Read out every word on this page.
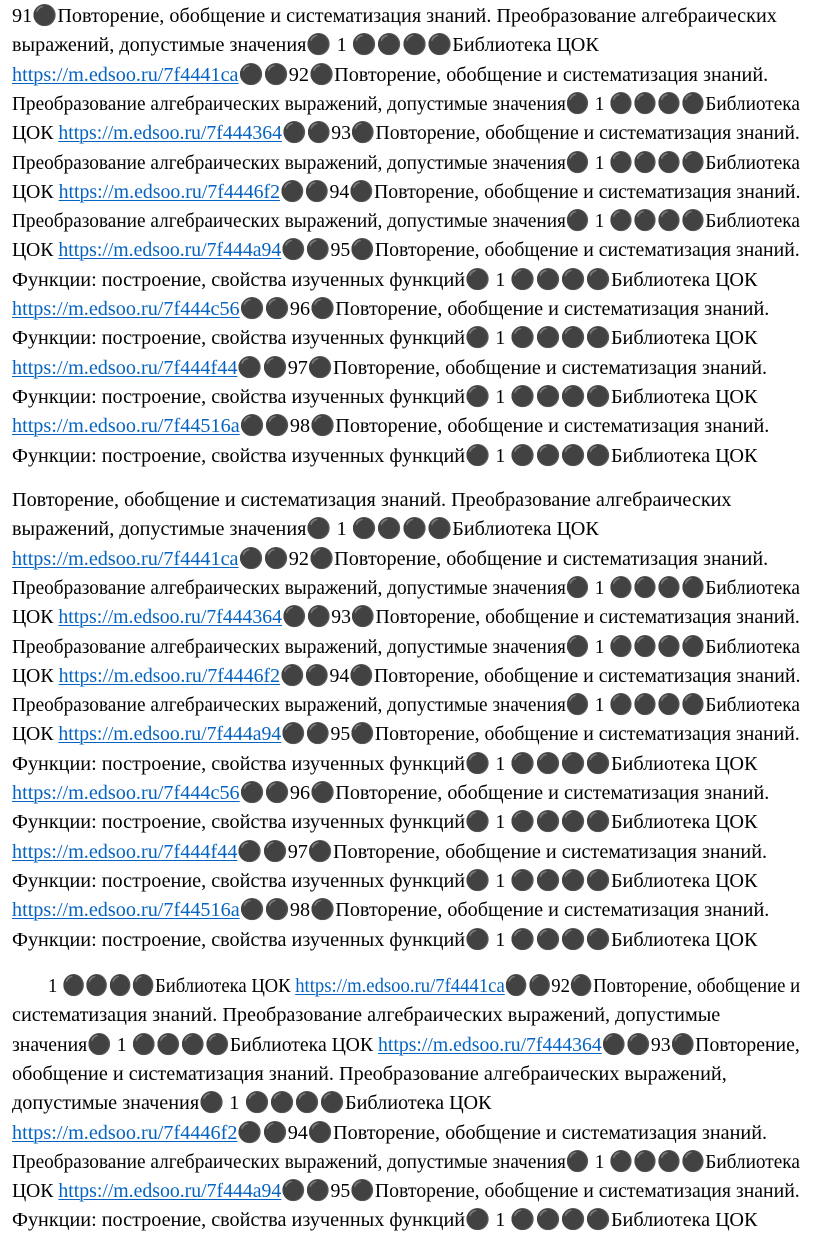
91⚫Повторение, обобщение и систематизация знаний. Преобразование алгебраических
выражений, допустимые значения⚫ 1 ⚫⚫⚫⚫Библиотека ЦОК
https://m.edsoo.ru/7f4441ca⚫⚫92⚫Повторение, обобщение и систематизация знаний.
Преобразование алгебраических выражений, допустимые значения⚫ 1 ⚫⚫⚫⚫Библиотека
ЦОК https://m.edsoo.ru/7f444364⚫⚫93⚫Повторение, обобщение и систематизация знаний.
Преобразование алгебраических выражений, допустимые значения⚫ 1 ⚫⚫⚫⚫Библиотека
ЦОК https://m.edsoo.ru/7f4446f2⚫⚫94⚫Повторение, обобщение и систематизация знаний.
Преобразование алгебраических выражений, допустимые значения⚫ 1 ⚫⚫⚫⚫Библиотека
ЦОК https://m.edsoo.ru/7f444a94⚫⚫95⚫Повторение, обобщение и систематизация знаний.
Функции: построение, свойства изученных функций⚫ 1 ⚫⚫⚫⚫Библиотека ЦОК
https://m.edsoo.ru/7f444c56⚫⚫96⚫Повторение, обобщение и систематизация знаний.
Функции: построение, свойства изученных функций⚫ 1 ⚫⚫⚫⚫Библиотека ЦОК
https://m.edsoo.ru/7f444f44⚫⚫97⚫Повторение, обобщение и систематизация знаний.
Функции: построение, свойства изученных функций⚫ 1 ⚫⚫⚫⚫Библиотека ЦОК
https://m.edsoo.ru/7f44516a⚫⚫98⚫Повторение, обобщение и систематизация знаний.
Функции: построение, свойства изученных функций⚫ 1 ⚫⚫⚫⚫Библиотека ЦОК
Повторение, обобщение и систематизация знаний. Преобразование алгебраических
выражений, допустимые значения⚫ 1 ⚫⚫⚫⚫Библиотека ЦОК
https://m.edsoo.ru/7f4441ca⚫⚫92⚫Повторение, обобщение и систематизация знаний.
Преобразование алгебраических выражений, допустимые значения⚫ 1 ⚫⚫⚫⚫Библиотека
ЦОК https://m.edsoo.ru/7f444364⚫⚫93⚫Повторение, обобщение и систематизация знаний.
Преобразование алгебраических выражений, допустимые значения⚫ 1 ⚫⚫⚫⚫Библиотека
ЦОК https://m.edsoo.ru/7f4446f2⚫⚫94⚫Повторение, обобщение и систематизация знаний.
Преобразование алгебраических выражений, допустимые значения⚫ 1 ⚫⚫⚫⚫Библиотека
ЦОК https://m.edsoo.ru/7f444a94⚫⚫95⚫Повторение, обобщение и систематизация знаний.
Функции: построение, свойства изученных функций⚫ 1 ⚫⚫⚫⚫Библиотека ЦОК
https://m.edsoo.ru/7f444c56⚫⚫96⚫Повторение, обобщение и систематизация знаний.
Функции: построение, свойства изученных функций⚫ 1 ⚫⚫⚫⚫Библиотека ЦОК
https://m.edsoo.ru/7f444f44⚫⚫97⚫Повторение, обобщение и систематизация знаний.
Функции: построение, свойства изученных функций⚫ 1 ⚫⚫⚫⚫Библиотека ЦОК
https://m.edsoo.ru/7f44516a⚫⚫98⚫Повторение, обобщение и систематизация знаний.
Функции: построение, свойства изученных функций⚫ 1 ⚫⚫⚫⚫Библиотека ЦОК
1 ⚫⚫⚫⚫Библиотека ЦОК https://m.edsoo.ru/7f4441ca⚫⚫92⚫Повторение, обобщение и
систематизация знаний. Преобразование алгебраических выражений, допустимые
значения⚫ 1 ⚫⚫⚫⚫Библиотека ЦОК https://m.edsoo.ru/7f444364⚫⚫93⚫Повторение,
обобщение и систематизация знаний. Преобразование алгебраических выражений,
допустимые значения⚫ 1 ⚫⚫⚫⚫Библиотека ЦОК
https://m.edsoo.ru/7f4446f2⚫⚫94⚫Повторение, обобщение и систематизация знаний.
Преобразование алгебраических выражений, допустимые значения⚫ 1 ⚫⚫⚫⚫Библиотека
ЦОК https://m.edsoo.ru/7f444a94⚫⚫95⚫Повторение, обобщение и систематизация знаний.
Функции: построение, свойства изученных функций⚫ 1 ⚫⚫⚫⚫Библиотека ЦОК
